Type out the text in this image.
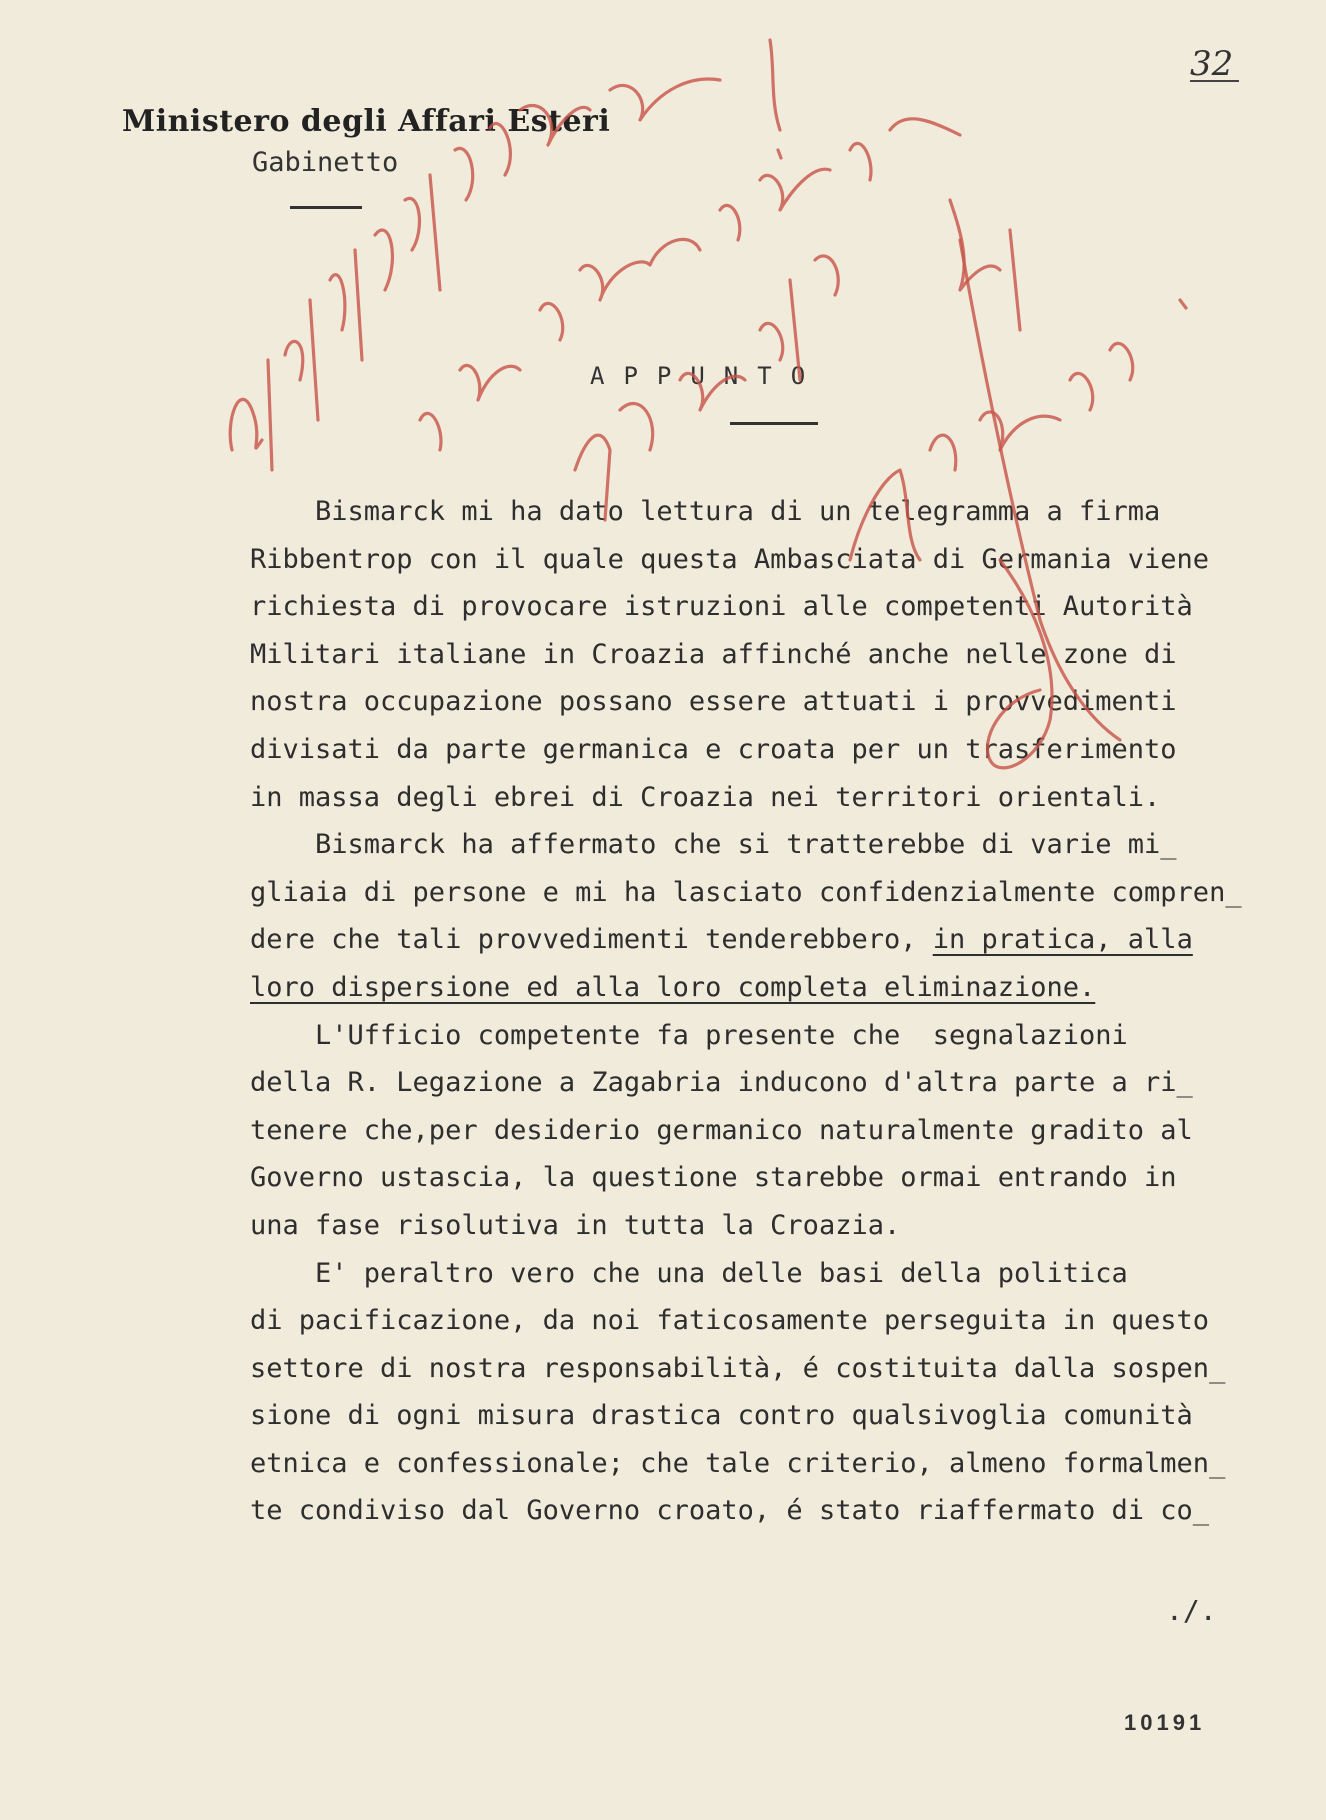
32
Ministero degli Affari Esteri
Gabinetto
APPUNTO
Bismarck mi ha dato lettura di un telegramma a firma
Ribbentrop con il quale questa Ambasciata di Germania viene
richiesta di provocare istruzioni alle competenti Autorità
Militari italiane in Croazia affinché anche nelle zone di
nostra occupazione possano essere attuati i provvedimenti
divisati da parte germanica e croata per un trasferimento
in massa degli ebrei di Croazia nei territori orientali.
Bismarck ha affermato che si tratterebbe di varie mi_
gliaia di persone e mi ha lasciato confidenzialmente compren_
dere che tali provvedimenti tenderebbero, in pratica, alla
loro dispersione ed alla loro completa eliminazione.
L'Ufficio competente fa presente che  segnalazioni
della R. Legazione a Zagabria inducono d'altra parte a ri_
tenere che,per desiderio germanico naturalmente gradito al
Governo ustascia, la questione starebbe ormai entrando in
una fase risolutiva in tutta la Croazia.
E' peraltro vero che una delle basi della politica
di pacificazione, da noi faticosamente perseguita in questo
settore di nostra responsabilità, é costituita dalla sospen_
sione di ogni misura drastica contro qualsivoglia comunità
etnica e confessionale; che tale criterio, almeno formalmen_
te condiviso dal Governo croato, é stato riaffermato di co_
./.
10191
